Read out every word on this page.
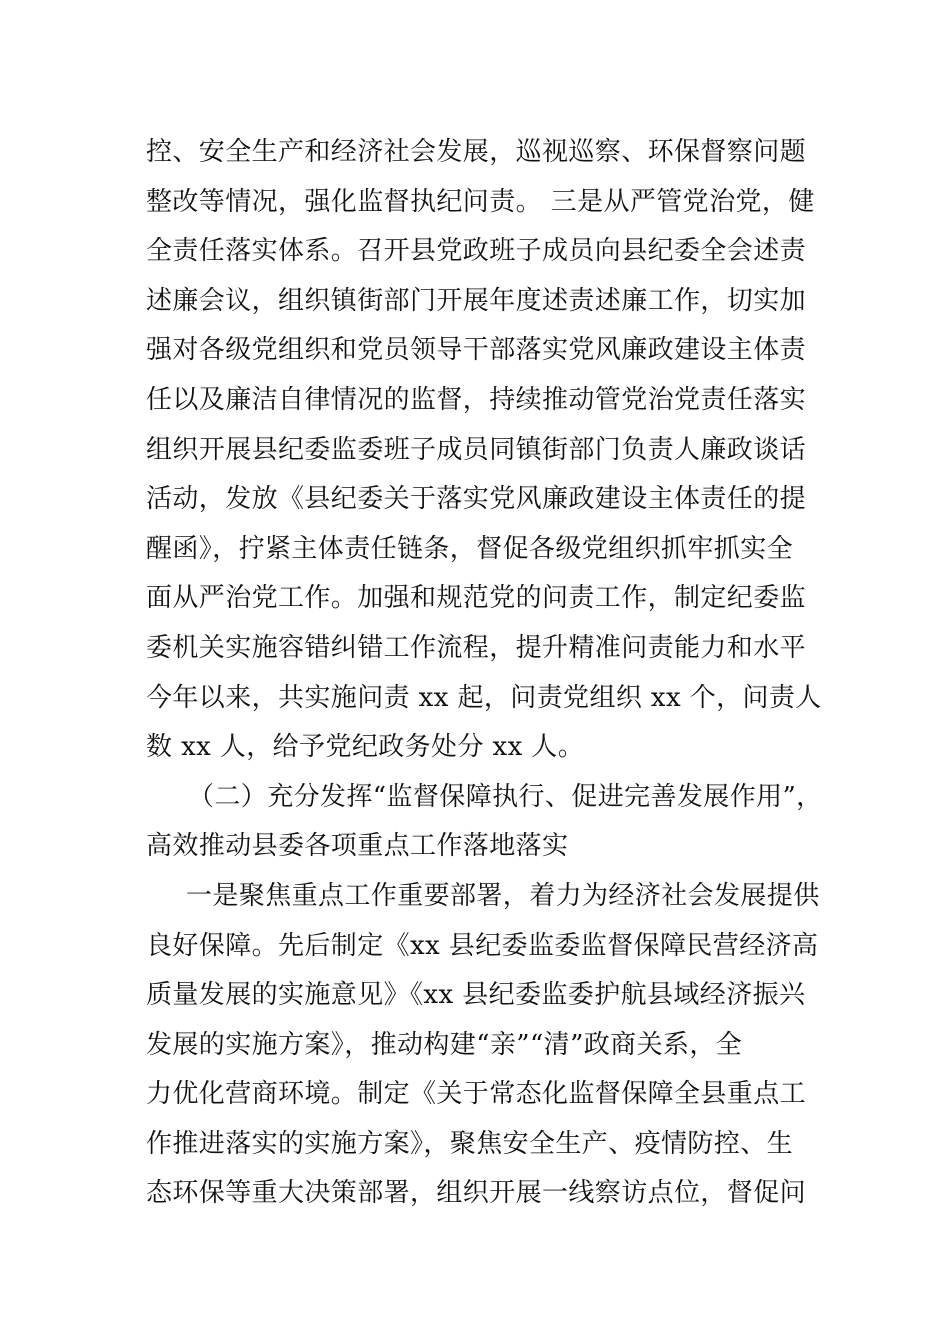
控、安全生产和经济社会发展，巡视巡察、环保督察问题
整改等情况，强化监督执纪问责。 三是从严管党治党，健
全责任落实体系。召开县党政班子成员向县纪委全会述责
述廉会议，组织镇街部门开展年度述责述廉工作，切实加
强对各级党组织和党员领导干部落实党风廉政建设主体责
任以及廉洁自律情况的监督，持续推动管党治党责任落实
组织开展县纪委监委班子成员同镇街部门负责人廉政谈话
活动，发放《县纪委关于落实党风廉政建设主体责任的提
醒函》，拧紧主体责任链条，督促各级党组织抓牢抓实全
面从严治党工作。加强和规范党的问责工作，制定纪委监
委机关实施容错纠错工作流程，提升精准问责能力和水平
今年以来，共实施问责 xx 起，问责党组织 xx 个，问责人
数 xx 人，给予党纪政务处分 xx 人。
（二）充分发挥“监督保障执行、促进完善发展作用”，
高效推动县委各项重点工作落地落实
一是聚焦重点工作重要部署，着力为经济社会发展提供
良好保障。先后制定《xx 县纪委监委监督保障民营经济高
质量发展的实施意见》《xx 县纪委监委护航县域经济振兴
发展的实施方案》，推动构建“亲”“清”政商关系，全
力优化营商环境。制定《关于常态化监督保障全县重点工
作推进落实的实施方案》，聚焦安全生产、疫情防控、生
态环保等重大决策部署，组织开展一线察访点位，督促问
